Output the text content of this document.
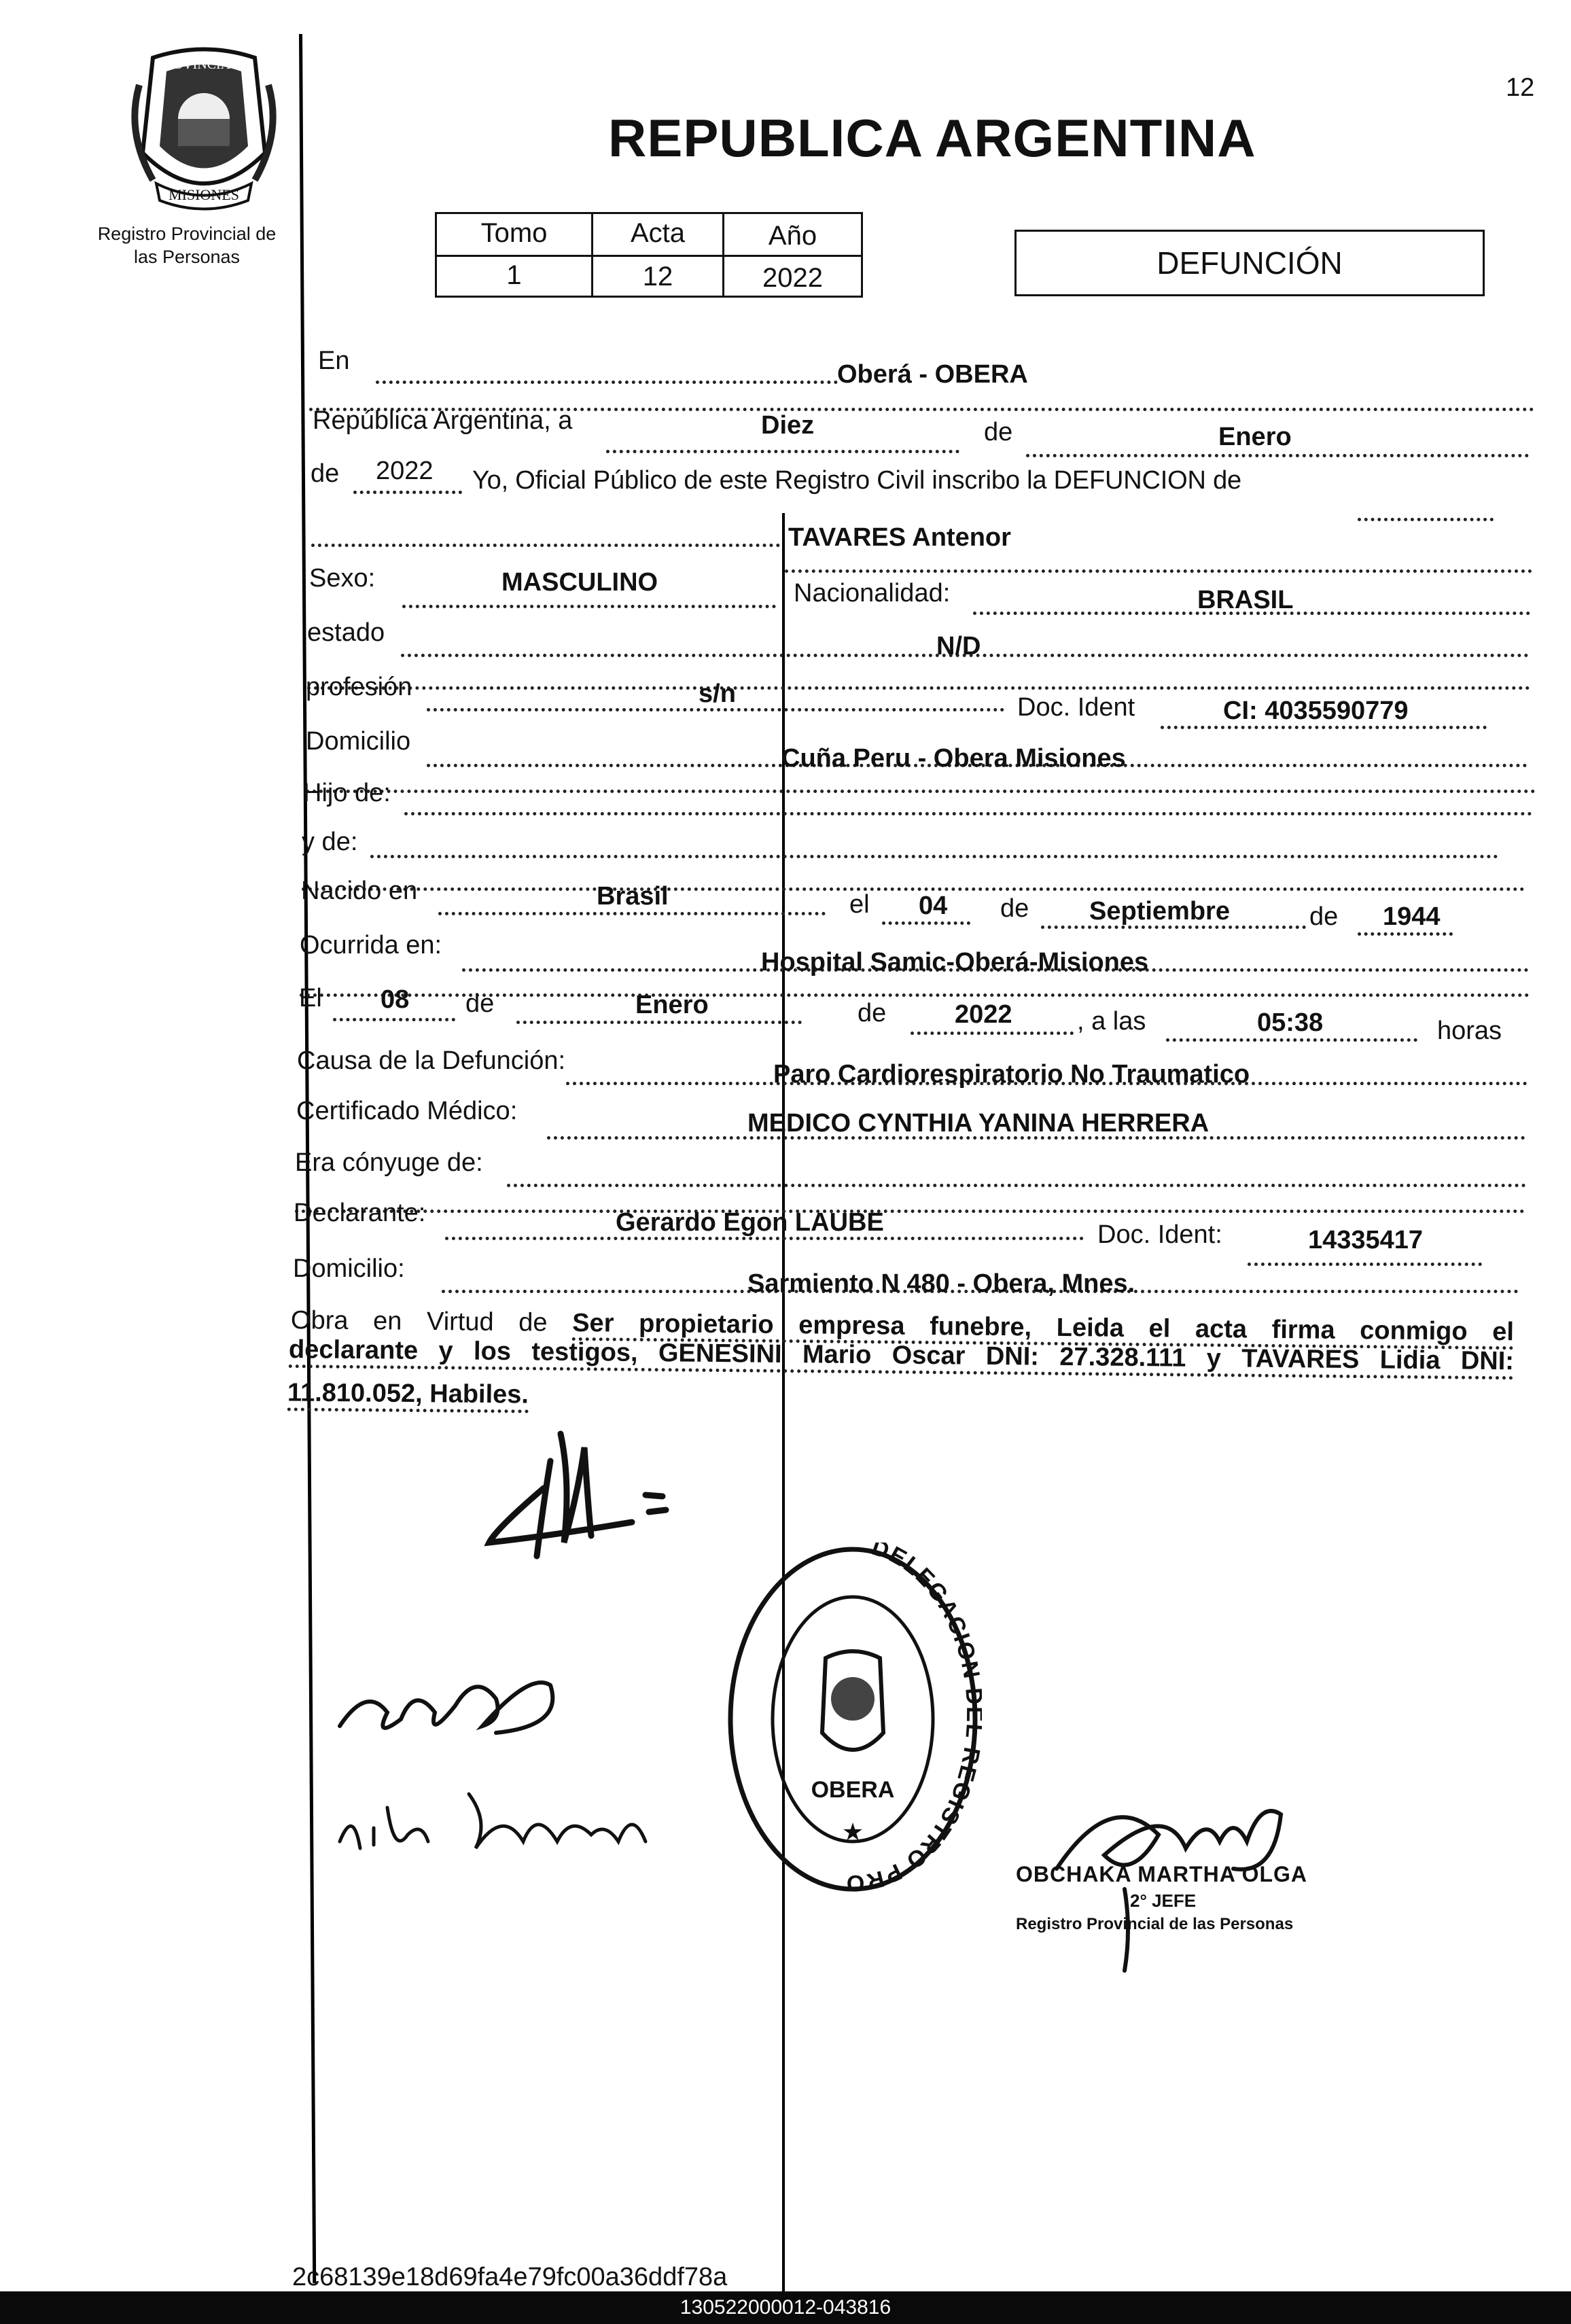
PROVINCIA DE
MISIONES
Registro Provincial de
las Personas
12
REPUBLICA ARGENTINA
Tomo	Acta	Año
1	12	2022	DEFUNCIÓN
En	Oberá - OBERA
República Argentina, a	Diez	de	Enero
de 2022 Yo, Oficial Público de este Registro Civil inscribo la DEFUNCION de
TAVARES Antenor
Sexo:	MASCULINO	Nacionalidad:	BRASIL
estado	N/D
profesión	s/n	Doc. Ident	CI: 4035590779
Domicilio
Cuña Peru - Obera Misiones
Hijo de:
y de:
Nacido en	Brasil	el 04 de Septiembre	de 1944
Ocurrida en:
Hospital Samic-Oberá-Misiones
El 08 de	Enero	de	2022	, a las	05:38	horas
Causa de la Defunción:	Paro Cardiorespiratorio No Traumatico
Certificado Médico:	MEDICO CYNTHIA YANINA HERRERA
Era cónyuge de:
Declarante:	Gerardo Egon LAUBE	Doc. Ident:	14335417
Domicilio:
Sarmiento N 480 - Obera, Mnes.
Obra en Virtud de Ser propietario empresa funebre, Leida el acta firma conmigo el
declarante y los testigos, GENESINI Mario Oscar DNI: 27.328.111 y TAVARES Lidia DNI:
11.810.052, Habiles.
DELEGACIO EGISTRO PRO
OBERA
★
OBCHAKA MARTHA OLGA
2° JEFE
Registro Provincial de las Personas
2c68139e18d69fa4e79fc00a36ddf78a
130522000012-043816
